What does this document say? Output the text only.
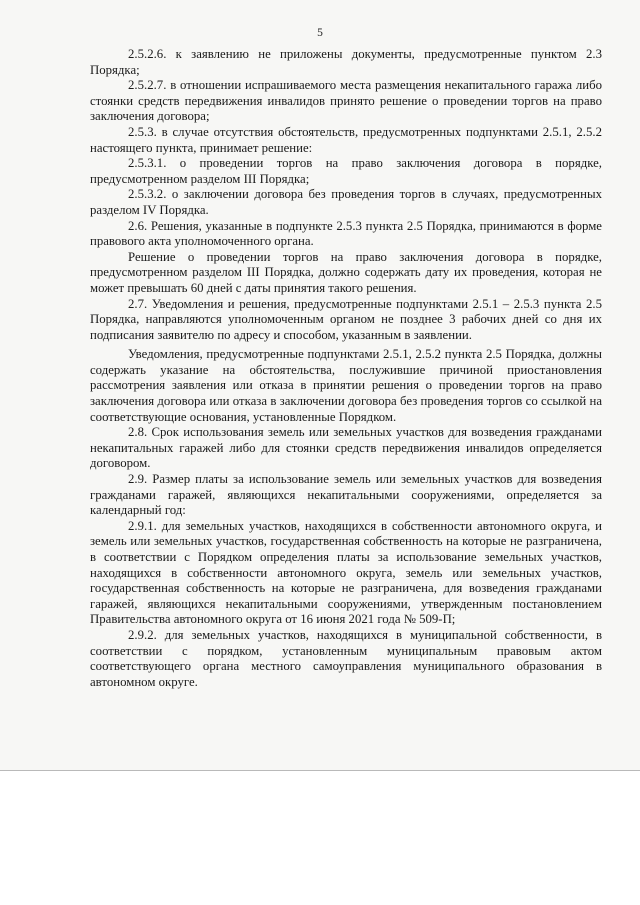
5

2.5.2.6. к заявлению не приложены документы, предусмотренные пунктом 2.3 Порядка;

2.5.2.7. в отношении испрашиваемого места размещения некапитального гаража либо стоянки средств передвижения инвалидов принято решение о проведении торгов на право заключения договора;

2.5.3. в случае отсутствия обстоятельств, предусмотренных подпунктами 2.5.1, 2.5.2 настоящего пункта, принимает решение:

2.5.3.1. о проведении торгов на право заключения договора в порядке, предусмотренном разделом III Порядка;

2.5.3.2. о заключении договора без проведения торгов в случаях, предусмотренных разделом IV Порядка.

2.6. Решения, указанные в подпункте 2.5.3 пункта 2.5 Порядка, принимаются в форме правового акта уполномоченного органа.

Решение о проведении торгов на право заключения договора в порядке, предусмотренном разделом III Порядка, должно содержать дату их проведения, которая не может превышать 60 дней с даты принятия такого решения.

2.7. Уведомления и решения, предусмотренные подпунктами 2.5.1 – 2.5.3 пункта 2.5 Порядка, направляются уполномоченным органом не позднее 3 рабочих дней со дня их подписания заявителю по адресу и способом, указанным в заявлении.

Уведомления, предусмотренные подпунктами 2.5.1, 2.5.2 пункта 2.5 Порядка, должны содержать указание на обстоятельства, послужившие причиной приостановления рассмотрения заявления или отказа в принятии решения о проведении торгов на право заключения договора или отказа в заключении договора без проведения торгов со ссылкой на соответствующие основания, установленные Порядком.

2.8. Срок использования земель или земельных участков для возведения гражданами некапитальных гаражей либо для стоянки средств передвижения инвалидов определяется договором.

2.9. Размер платы за использование земель или земельных участков для возведения гражданами гаражей, являющихся некапитальными сооружениями, определяется за календарный год:

2.9.1. для земельных участков, находящихся в собственности автономного округа, и земель или земельных участков, государственная собственность на которые не разграничена, в соответствии с Порядком определения платы за использование земельных участков, находящихся в собственности автономного округа, земель или земельных участков, государственная собственность на которые не разграничена, для возведения гражданами гаражей, являющихся некапитальными сооружениями, утвержденным постановлением Правительства автономного округа от 16 июня 2021 года № 509-П;

2.9.2. для земельных участков, находящихся в муниципальной собственности, в соответствии с порядком, установленным муниципальным правовым актом соответствующего органа местного самоуправления муниципального образования в автономном округе.
